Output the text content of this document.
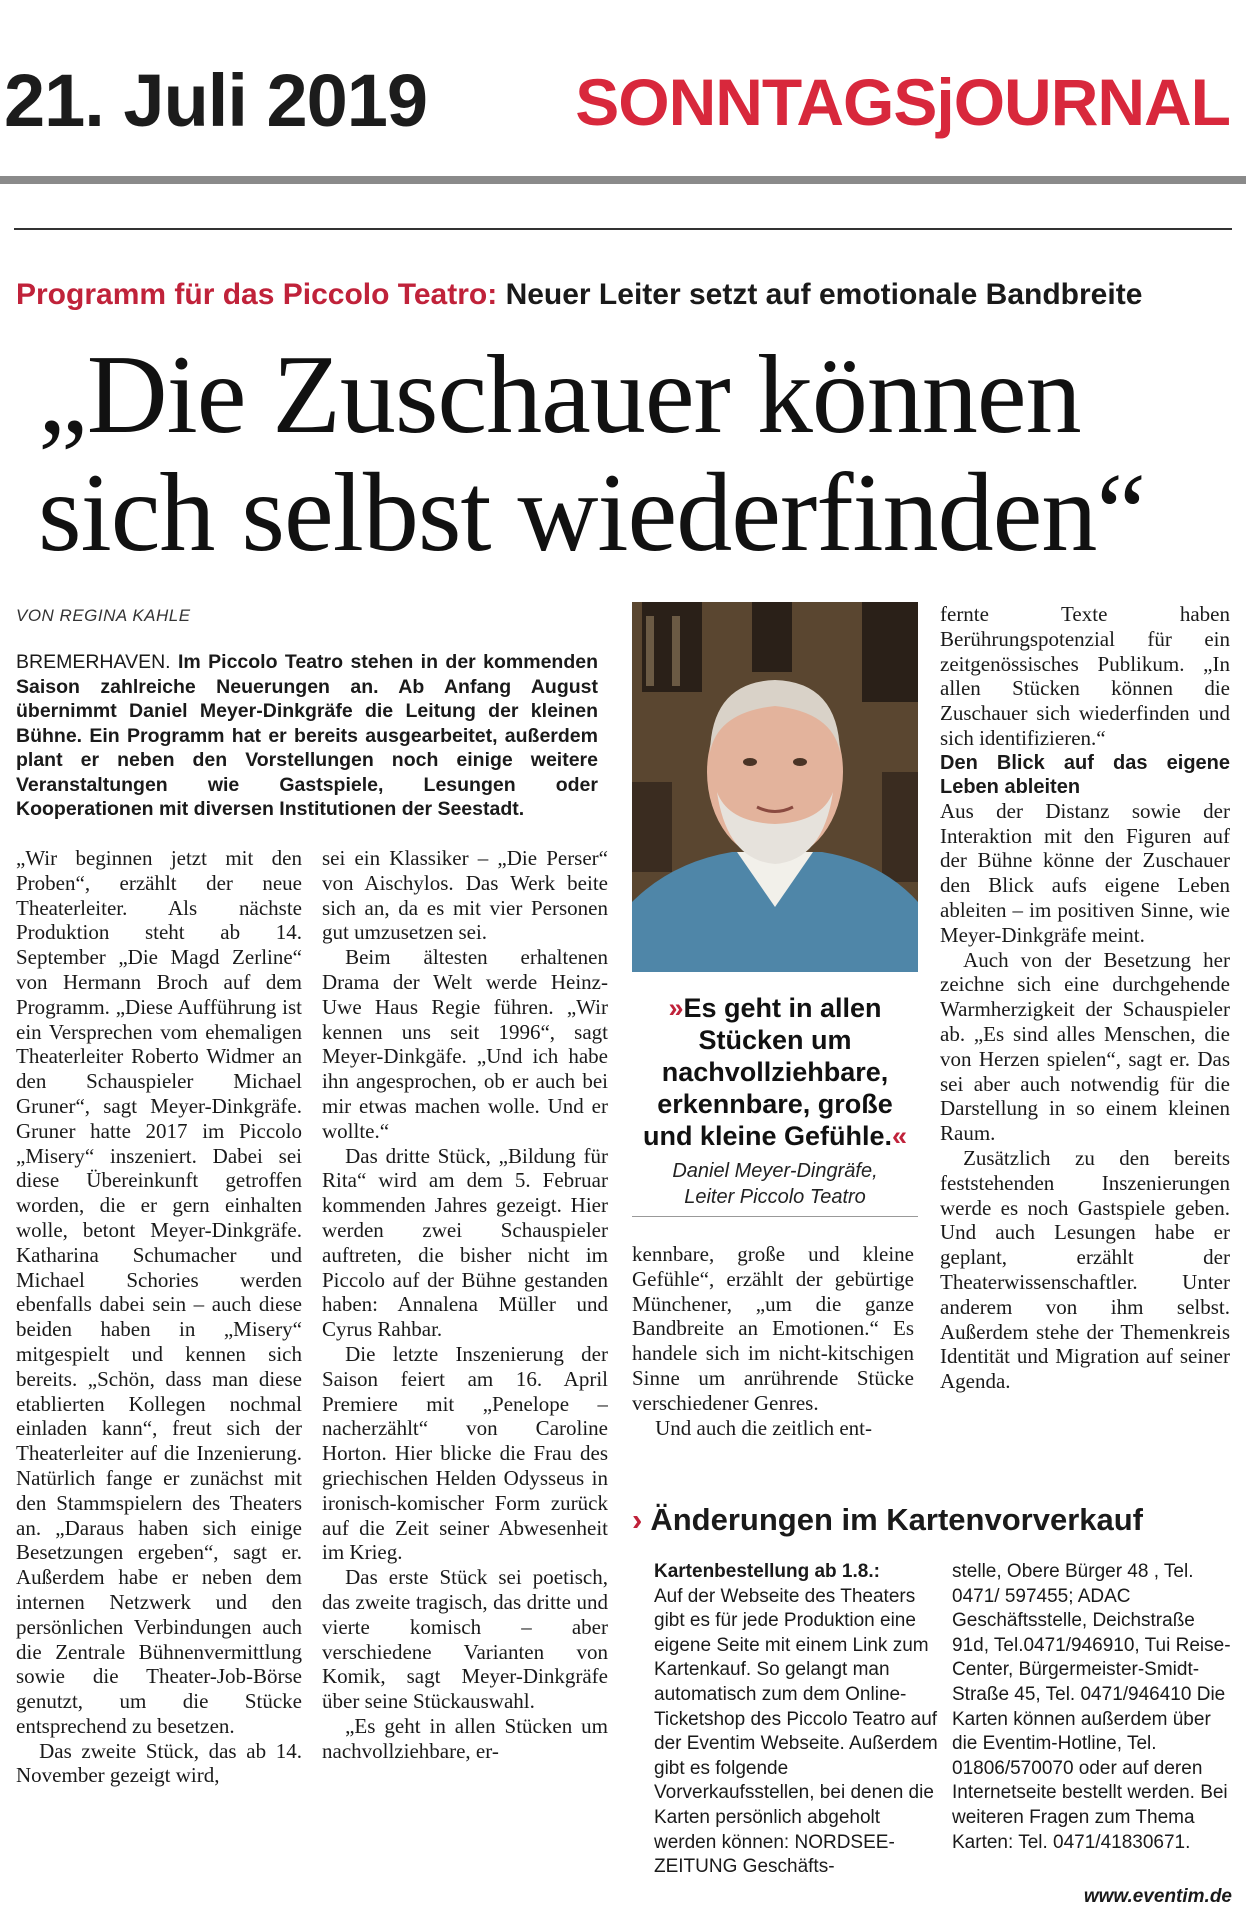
21. Juli 2019 SONNTAGSjOURNAL
Programm für das Piccolo Teatro: Neuer Leiter setzt auf emotionale Bandbreite
„Die Zuschauer können
sich selbst wiederfinden“
VON REGINA KAHLE
BREMERHAVEN. Im Piccolo Teatro stehen in der kommenden Saison zahlreiche Neuerungen an. Ab Anfang August übernimmt Daniel Meyer-Dinkgräfe die Leitung der kleinen Bühne. Ein Programm hat er bereits ausgearbeitet, außerdem plant er neben den Vorstellungen noch einige weitere Veranstaltungen wie Gastspiele, Lesungen oder Kooperationen mit diversen Institutionen der Seestadt.

„Wir beginnen jetzt mit den Proben“, erzählt der neue Theaterleiter. Als nächste Produktion steht ab 14. September „Die Magd Zerline“ von Hermann Broch auf dem Programm. „Diese Aufführung ist ein Versprechen vom ehemaligen Theaterleiter Roberto Widmer an den Schauspieler Michael Gruner“, sagt Meyer-Dinkgräfe. Gruner hatte 2017 im Piccolo „Misery“ inszeniert. Dabei sei diese Übereinkunft getroffen worden, die er gern einhalten wolle, betont Meyer-Dinkgräfe. Katharina Schumacher und Michael Schories werden ebenfalls dabei sein – auch diese beiden haben in „Misery“ mitgespielt und kennen sich bereits. „Schön, dass man diese etablierten Kollegen nochmal einladen kann“, freut sich der Theaterleiter auf die Inzenierung. Natürlich fange er zunächst mit den Stammspielern des Theaters an. „Daraus haben sich einige Besetzungen ergeben“, sagt er. Außerdem habe er neben dem internen Netzwerk und den persönlichen Verbindungen auch die Zentrale Bühnenvermittlung sowie die Theater-Job-Börse genutzt, um die Stücke entsprechend zu besetzen.

Das zweite Stück, das ab 14. November gezeigt wird,

sei ein Klassiker – „Die Perser“ von Aischylos. Das Werk beite sich an, da es mit vier Personen gut umzusetzen sei.

Beim ältesten erhaltenen Drama der Welt werde Heinz-Uwe Haus Regie führen. „Wir kennen uns seit 1996“, sagt Meyer-Dinkgäfe. „Und ich habe ihn angesprochen, ob er auch bei mir etwas machen wolle. Und er wollte.“

Das dritte Stück, „Bildung für Rita“ wird am dem 5. Februar kommenden Jahres gezeigt. Hier werden zwei Schauspieler auftreten, die bisher nicht im Piccolo auf der Bühne gestanden haben: Annalena Müller und Cyrus Rahbar.

Die letzte Inszenierung der Saison feiert am 16. April Premiere mit „Penelope – nacherzählt“ von Caroline Horton. Hier blicke die Frau des griechischen Helden Odysseus in ironisch-komischer Form zurück auf die Zeit seiner Abwesenheit im Krieg.

Das erste Stück sei poetisch, das zweite tragisch, das dritte und vierte komisch – aber verschiedene Varianten von Komik, sagt Meyer-Dinkgräfe über seine Stückauswahl.

„Es geht in allen Stücken um nachvollziehbare, er-

»Es geht in allen Stücken um nachvollziehbare, erkennbare, große und kleine Gefühle.«
Daniel Meyer-Dingräfe,
Leiter Piccolo Teatro

kennbare, große und kleine Gefühle“, erzählt der gebürtige Münchener, „um die ganze Bandbreite an Emotionen.“ Es handele sich im nicht-kitschigen Sinne um anrührende Stücke verschiedener Genres.

Und auch die zeitlich ent-

fernte Texte haben Berührungspotenzial für ein zeitgenössisches Publikum. „In allen Stücken können die Zuschauer sich wiederfinden und sich identifizieren.“

Den Blick auf das eigene Leben ableiten

Aus der Distanz sowie der Interaktion mit den Figuren auf der Bühne könne der Zuschauer den Blick aufs eigene Leben ableiten – im positiven Sinne, wie Meyer-Dinkgräfe meint.

Auch von der Besetzung her zeichne sich eine durchgehende Warmherzigkeit der Schauspieler ab. „Es sind alles Menschen, die von Herzen spielen“, sagt er. Das sei aber auch notwendig für die Darstellung in so einem kleinen Raum.

Zusätzlich zu den bereits feststehenden Inszenierungen werde es noch Gastspiele geben. Und auch Lesungen habe er geplant, erzählt der Theaterwissenschaftler. Unter anderem von ihm selbst. Außerdem stehe der Themenkreis Identität und Migration auf seiner Agenda.

› Änderungen im Kartenvorverkauf
Kartenbestellung ab 1.8.:
Auf der Webseite des Theaters gibt es für jede Produktion eine eigene Seite mit einem Link zum Kartenkauf. So gelangt man automatisch zum dem Online-Ticketshop des Piccolo Teatro auf der Eventim Webseite. Außerdem gibt es folgende Vorverkaufsstellen, bei denen die Karten persönlich abgeholt werden können: NORDSEE-ZEITUNG Geschäfts-
stelle, Obere Bürger 48 , Tel. 0471/ 597455; ADAC Geschäftsstelle, Deichstraße 91d, Tel.0471/946910, Tui Reise-Center, Bürgermeister-Smidt-Straße 45, Tel. 0471/946410 Die Karten können außerdem über die Eventim-Hotline, Tel. 01806/570070 oder auf deren Internetseite bestellt werden. Bei weiteren Fragen zum Thema Karten: Tel. 0471/41830671.
www.eventim.de
